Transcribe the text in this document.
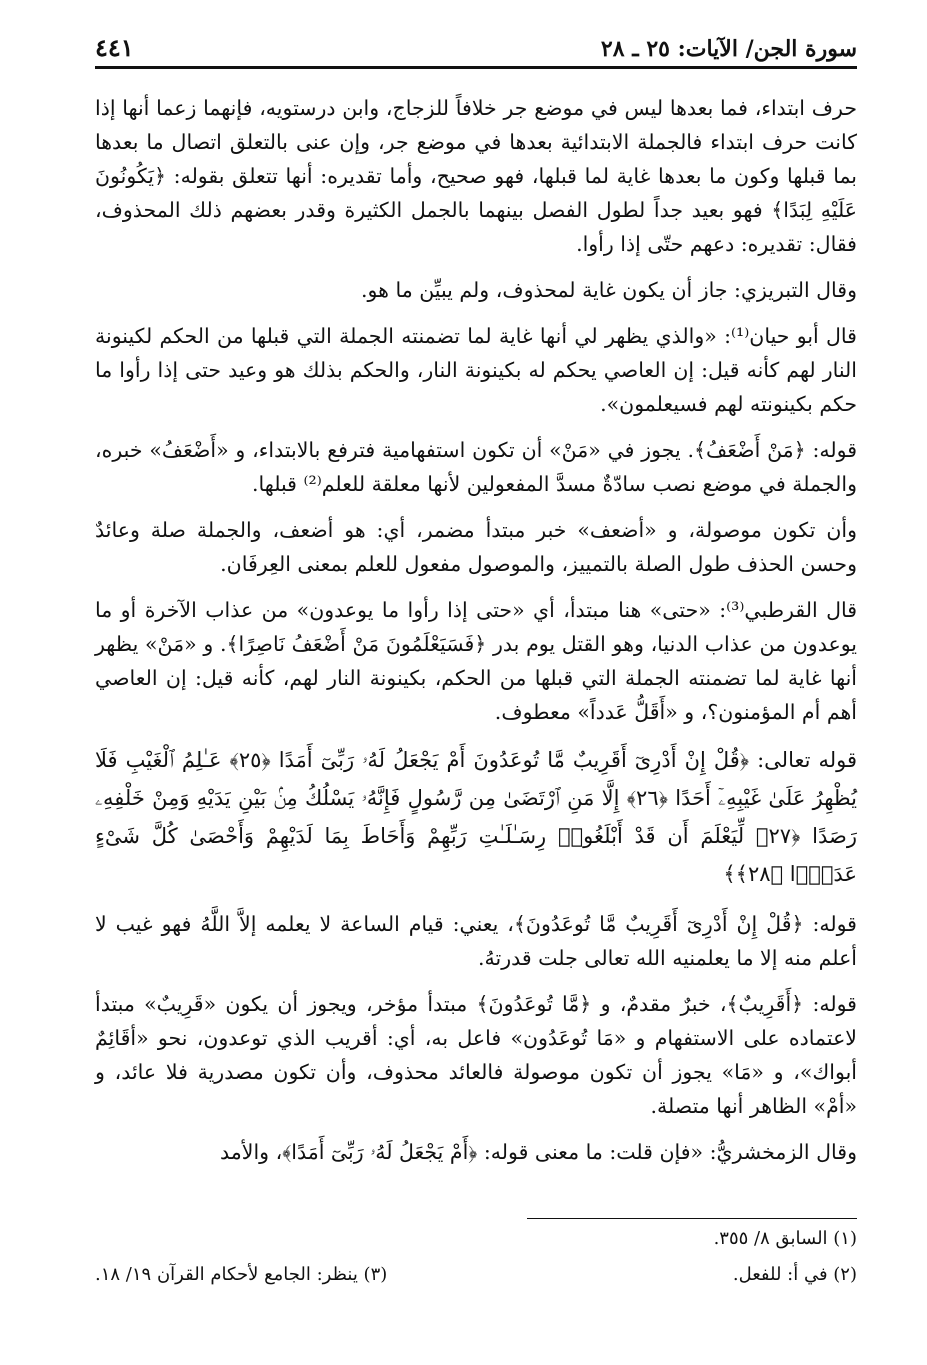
سورة الجن/ الآيات: ٢٥ ـ ٢٨
٤٤١

حرف ابتداء، فما بعدها ليس في موضع جر خلافاً للزجاج، وابن درستويه، فإنهما زعما أنها إذا كانت حرف ابتداء فالجملة الابتدائية بعدها في موضع جر، وإن عنى بالتعلق اتصال ما بعدها بما قبلها وكون ما بعدها غاية لما قبلها، فهو صحيح، وأما تقديره: أنها تتعلق بقوله: ﴿يَكُونُونَ عَلَيْهِ لِبَدًا﴾ فهو بعيد جداً لطول الفصل بينهما بالجمل الكثيرة وقدر بعضهم ذلك المحذوف، فقال: تقديره: دعهم حتّى إذا رأوا.

وقال التبريزي: جاز أن يكون غاية لمحذوف، ولم يبيِّن ما هو.

قال أبو حيان⁽¹⁾: «والذي يظهر لي أنها غاية لما تضمنته الجملة التي قبلها من الحكم لكينونة النار لهم كأنه قيل: إن العاصي يحكم له بكينونة النار، والحكم بذلك هو وعيد حتى إذا رأوا ما حكم بكينونته لهم فسيعلمون».

قوله: ﴿مَنْ أَضْعَفُ﴾. يجوز في «مَنْ» أن تكون استفهامية فترفع بالابتداء، و «أَضْعَفُ» خبره، والجملة في موضع نصب سادّةٌ مسدَّ المفعولين لأنها معلقة للعلم⁽²⁾ قبلها.

وأن تكون موصولة، و «أضعف» خبر مبتدأ مضمر، أي: هو أضعف، والجملة صلة وعائدٌ وحسن الحذف طول الصلة بالتمييز، والموصول مفعول للعلم بمعنى العِرفَان.

قال القرطبي⁽³⁾: «حتى» هنا مبتدأ، أي «حتى إذا رأوا ما يوعدون» من عذاب الآخرة أو ما يوعدون من عذاب الدنيا، وهو القتل يوم بدر ﴿فَسَيَعْلَمُونَ مَنْ أَضْعَفُ نَاصِرًا﴾. و «مَنْ» يظهر أنها غاية لما تضمنته الجملة التي قبلها من الحكم، بكينونة النار لهم، كأنه قيل: إن العاصي أهم أم المؤمنون؟، و «أَقَلُّ عَدداً» معطوف.

قوله تعالى: ﴿قُلْ إِنْ أَدْرِىٓ أَقَرِيبٌ مَّا تُوعَدُونَ أَمْ يَجْعَلُ لَهُۥ رَبِّىٓ أَمَدًا ﴿٢٥﴾ عَـٰلِمُ ٱلْغَيْبِ فَلَا يُظْهِرُ عَلَىٰ غَيْبِهِۦٓ أَحَدًا ﴿٢٦﴾ إِلَّا مَنِ ٱرْتَضَىٰ مِن رَّسُولٍ فَإِنَّهُۥ يَسْلُكُ مِنۢ بَيْنِ يَدَيْهِ وَمِنْ خَلْفِهِۦ رَصَدًا ﴿٢٧﴾ لِّيَعْلَمَ أَن قَدْ أَبْلَغُوا۟ رِسَـٰلَـٰتِ رَبِّهِمْ وَأَحَاطَ بِمَا لَدَيْهِمْ وَأَحْصَىٰ كُلَّ شَىْءٍ عَدَدًۢا ﴿٢٨﴾﴾

قوله: ﴿قُلْ إِنْ أَدْرِىٓ أَقَرِيبٌ مَّا تُوعَدُونَ﴾، يعني: قيام الساعة لا يعلمه إلاَّ اللَّهُ فهو غيب لا أعلم منه إلا ما يعلمنيه الله تعالى جلت قدرتهُ.

قوله: ﴿أَقَرِيبٌ﴾، خبرٌ مقدمٌ، و ﴿مَّا تُوعَدُونَ﴾ مبتدأ مؤخر، ويجوز أن يكون «قَرِيبٌ» مبتدأ لاعتماده على الاستفهام و «مَا تُوعَدُون» فاعل به، أي: أقريب الذي توعدون، نحو «أقَائِمٌ أبواك»، و «مَا» يجوز أن تكون موصولة فالعائد محذوف، وأن تكون مصدرية فلا عائد، و «أمْ» الظاهر أنها متصلة.

وقال الزمخشريُّ: «فإن قلت: ما معنى قوله: ﴿أَمْ يَجْعَلُ لَهُۥ رَبِّىٓ أَمَدًا﴾، والأمد

(١) السابق ٨/ ٣٥٥.
(٢) في أ: للفعل.
(٣) ينظر: الجامع لأحكام القرآن ١٩/ ١٨.
